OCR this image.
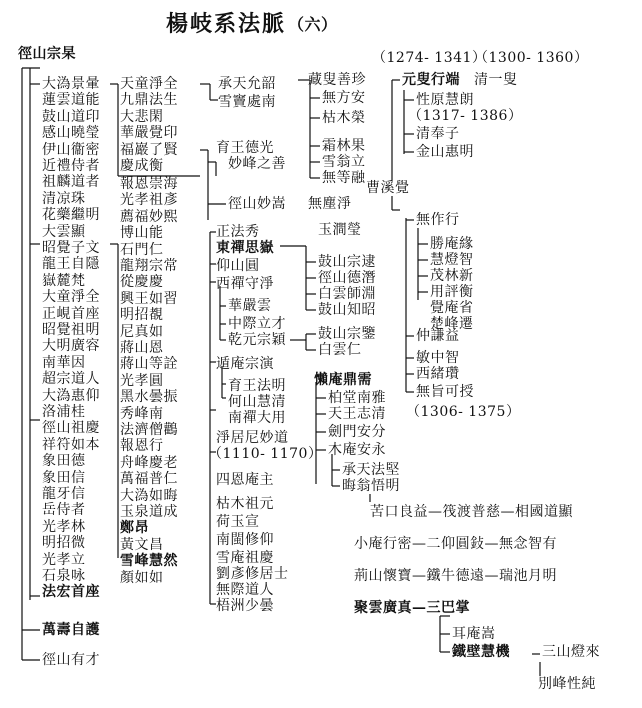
楊岐系法脈 （六）
徑山宗杲
大溈景暈
蓮雲道能
鼓山道印
感山曉瑩
伊山衞密
近禮侍者
祖麟道者
清凉珠
花藥繼明
大雲顯
昭覺子文
龍王自隱
嶽麓梵
大童淨全
正峴首座
昭覺祖明
大明廣容
南華因
超宗道人
大溈惠仰
洛浦桂
徑山祖慶
祥符如本
象田德
象田信
龍牙信
岳侍者
光孝林
明招微
光孝立
石泉咏
法宏首座
萬壽自護
徑山有才
天童淨全
九鼎法生
大悲閑
華嚴覺印
福巖了賢
慶成衡
報恩崇海
光孝祖彥
薦福妙熙
博山能
石門仁
龍翔宗常
從慶慶
興王如習
明招覩
尼真如
蔣山恩
蔣山等詮
光孝圓
黑水曇振
秀峰南
法濟僧鸛
報恩行
舟峰慶老
萬福普仁
大溈如晦
玉泉道成
鄭昂
黃文昌
雪峰慧然
顏如如
承天允韶
雪竇處南
育王德光
妙峰之善
徑山妙嵩 無塵淨
玉澗瑩
正法秀
東禪思嶽
仰山圓
西禪守淨
華嚴雲
中際立才
乾元宗穎
遁庵宗演
育王法明
何山慧清
南禪大用
淨居尼妙道
（1110- 1170）
四恩庵主
枯木祖元
荷玉宣
南閩修仰
雪庵祖慶
劉彥修居士
無際道人
梧洲少曇
藏叟善珍
無方安
枯木榮
霜林果
雪翁立
無等融
鼓山宗逮
徑山德潛
白雲師淵
鼓山知昭
鼓山宗鑒
白雲仁
懶庵鼎需
柏堂南雅
天王志清
劍門安分
木庵安永
承天法堅
晦翁悟明
（1274- 1341）
（1300- 1360）
元叟行端 清一叟
性原慧朗
（1317- 1386）
清奉子
金山惠明
曹溪覺
無作行
勝庵緣
慧燈智
茂林新
用評衡
覺庵省
楚峰遷
仲謙益
敏中智
西緒瓚
無旨可授
（1306- 1375）
苦口良益—筏渡普慈—相國道顯
小庵行密—二仰圓鈙—無念智有
荊山懷寶—鐵牛德遠—瑞池月明
聚雲廣真—三巴掌
耳庵嵩
鐵壁慧機 三山燈來
別峰性純
